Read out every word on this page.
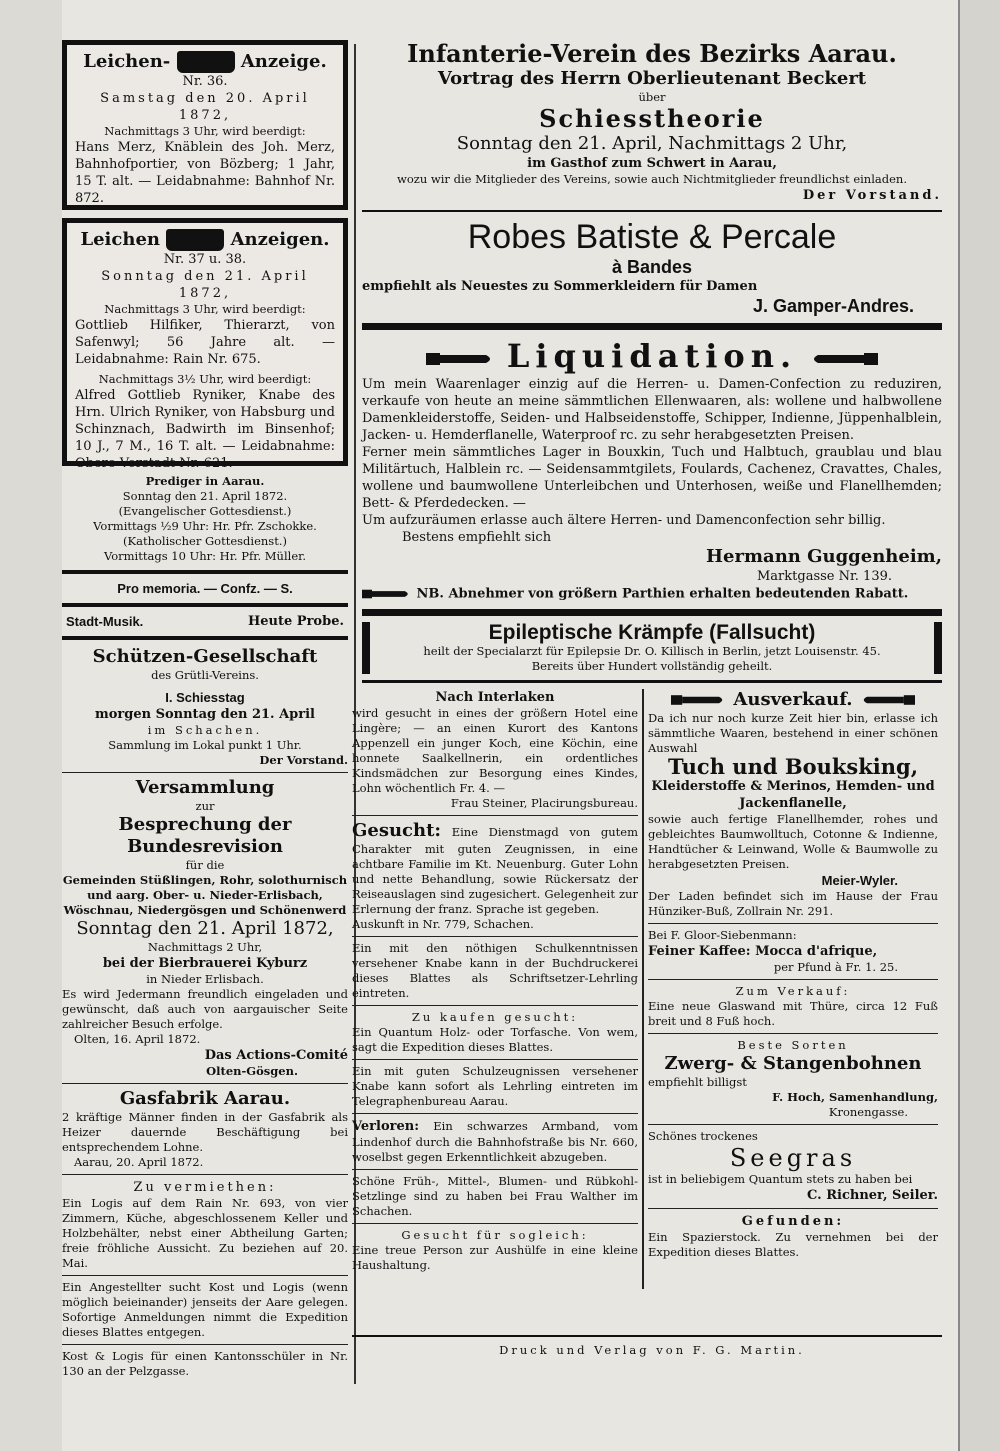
Leichen-	Anzeige.
Nr. 36.
Samstag den 20. April 1872,
Nachmittags 3 Uhr, wird beerdigt:
Hans Merz, Knäblein des Joh. Merz, Bahnhofportier, von Bözberg; 1 Jahr, 15 T. alt. — Leidabnahme: Bahnhof Nr. 872.
Leichen	Anzeigen.
Nr. 37 u. 38.
Sonntag den 21. April 1872,
Nachmittags 3 Uhr, wird beerdigt:
Gottlieb Hilfiker, Thierarzt, von Safenwyl; 56 Jahre alt. — Leidabnahme: Rain Nr. 675.
Nachmittags 3½ Uhr, wird beerdigt:
Alfred Gottlieb Ryniker, Knabe des Hrn. Ulrich Ryniker, von Habsburg und Schinznach, Badwirth im Binsenhof; 10 J., 7 M., 16 T. alt. — Leidabnahme: Obere Vorstadt Nr. 621.
Prediger in Aarau.
Sonntag den 21. April 1872.
(Evangelischer Gottesdienst.)
Vormittags ½9 Uhr: Hr. Pfr. Zschokke.
(Katholischer Gottesdienst.)
Vormittags 10 Uhr: Hr. Pfr. Müller.
Pro memoria. — Confz. — S.
Stadt-Musik.	Heute Probe.
Schützen-Gesellschaft
des Grütli-Vereins.
I. Schiesstag
morgen Sonntag den 21. April
im Schachen.
Sammlung im Lokal punkt 1 Uhr.
Der Vorstand.
Versammlung
zur
Besprechung der Bundesrevision
für die
Gemeinden Stüßlingen, Rohr, solothurnisch und aarg. Ober- u. Nieder-Erlisbach, Wöschnau, Niedergösgen und Schönenwerd
Sonntag den 21. April 1872,
Nachmittags 2 Uhr,
bei der Bierbrauerei Kyburz
in Nieder Erlisbach.
Es wird Jedermann freundlich eingeladen und gewünscht, daß auch von aargauischer Seite zahlreicher Besuch erfolge.
Olten, 16. April 1872.
Das Actions-Comité
Olten-Gösgen.
Gasfabrik Aarau.
2 kräftige Männer finden in der Gasfabrik als Heizer dauernde Beschäftigung bei entsprechendem Lohne.
Aarau, 20. April 1872.
Zu vermiethen:
Ein Logis auf dem Rain Nr. 693, von vier Zimmern, Küche, abgeschlossenem Keller und Holzbehälter, nebst einer Abtheilung Garten; freie fröhliche Aussicht. Zu beziehen auf 20. Mai.
Ein Angestellter sucht Kost und Logis (wenn möglich beieinander) jenseits der Aare gelegen. Sofortige Anmeldungen nimmt die Expedition dieses Blattes entgegen.
Kost & Logis für einen Kantonsschüler in Nr. 130 an der Pelzgasse.
Infanterie-Verein des Bezirks Aarau.
Vortrag des Herrn Oberlieutenant Beckert
über
Schiesstheorie
Sonntag den 21. April, Nachmittags 2 Uhr,
im Gasthof zum Schwert in Aarau,
wozu wir die Mitglieder des Vereins, sowie auch Nichtmitglieder freundlichst einladen.
Der Vorstand.
Robes Batiste & Percale
à Bandes
empfiehlt als Neuestes zu Sommerkleidern für Damen
J. Gamper-Andres.
Liquidation.
Um mein Waarenlager einzig auf die Herren- u. Damen-Confection zu reduziren, verkaufe von heute an meine sämmtlichen Ellenwaaren, als: wollene und halbwollene Damenkleiderstoffe, Seiden- und Halbseidenstoffe, Schipper, Indienne, Jüppenhalblein, Jacken- u. Hemderflanelle, Waterproof rc. zu sehr herabgesetzten Preisen.
Ferner mein sämmtliches Lager in Bouxkin, Tuch und Halbtuch, graublau und blau Militärtuch, Halblein rc. — Seidensammtgilets, Foulards, Cachenez, Cravattes, Chales, wollene und baumwollene Unterleibchen und Unterhosen, weiße und Flanellhemden; Bett- & Pferdedecken. —
Um aufzuräumen erlasse auch ältere Herren- und Damenconfection sehr billig.
Bestens empfiehlt sich
Hermann Guggenheim,
Marktgasse Nr. 139.
NB. Abnehmer von größern Parthien erhalten bedeutenden Rabatt.
Epileptische Krämpfe (Fallsucht)
heilt der Specialarzt für Epilepsie Dr. O. Killisch in Berlin, jetzt Louisenstr. 45.
Bereits über Hundert vollständig geheilt.
Nach Interlaken
wird gesucht in eines der größern Hotel eine Lingère; — an einen Kurort des Kantons Appenzell ein junger Koch, eine Köchin, eine honnete Saalkellnerin, ein ordentliches Kindsmädchen zur Besorgung eines Kindes, Lohn wöchentlich Fr. 4. —
Frau Steiner, Placirungsbureau.
Gesucht: Eine Dienstmagd von gutem Charakter mit guten Zeugnissen, in eine achtbare Familie im Kt. Neuenburg. Guter Lohn und nette Behandlung, sowie Rückersatz der Reiseauslagen sind zugesichert. Gelegenheit zur Erlernung der franz. Sprache ist gegeben.
Auskunft in Nr. 779, Schachen.
Ein mit den nöthigen Schulkenntnissen versehener Knabe kann in der Buchdruckerei dieses Blattes als Schriftsetzer-Lehrling eintreten.
Zu kaufen gesucht:
Ein Quantum Holz- oder Torfasche. Von wem, sagt die Expedition dieses Blattes.
Ein mit guten Schulzeugnissen versehener Knabe kann sofort als Lehrling eintreten im Telegraphenbureau Aarau.
Verloren: Ein schwarzes Armband, vom Lindenhof durch die Bahnhofstraße bis Nr. 660, woselbst gegen Erkenntlichkeit abzugeben.
Schöne Früh-, Mittel-, Blumen- und Rübkohl-Setzlinge sind zu haben bei Frau Walther im Schachen.
Gesucht für sogleich:
Eine treue Person zur Aushülfe in eine kleine Haushaltung.
Ausverkauf.
Da ich nur noch kurze Zeit hier bin, erlasse ich sämmtliche Waaren, bestehend in einer schönen Auswahl
Tuch und Bouksking,
Kleiderstoffe & Merinos, Hemden- und Jackenflanelle,
sowie auch fertige Flanellhemder, rohes und gebleichtes Baumwolltuch, Cotonne & Indienne, Handtücher & Leinwand, Wolle & Baumwolle zu herabgesetzten Preisen.
Meier-Wyler.
Der Laden befindet sich im Hause der Frau Hünziker-Buß, Zollrain Nr. 291.
Bei F. Gloor-Siebenmann:
Feiner Kaffee: Mocca d'afrique,
per Pfund à Fr. 1. 25.
Zum Verkauf:
Eine neue Glaswand mit Thüre, circa 12 Fuß breit und 8 Fuß hoch.
Beste Sorten
Zwerg- & Stangenbohnen
empfiehlt billigst
F. Hoch, Samenhandlung,
Kronengasse.
Schönes trockenes
Seegras
ist in beliebigem Quantum stets zu haben bei
C. Richner, Seiler.
Gefunden:
Ein Spazierstock. Zu vernehmen bei der Expedition dieses Blattes.
Druck und Verlag von F. G. Martin.
